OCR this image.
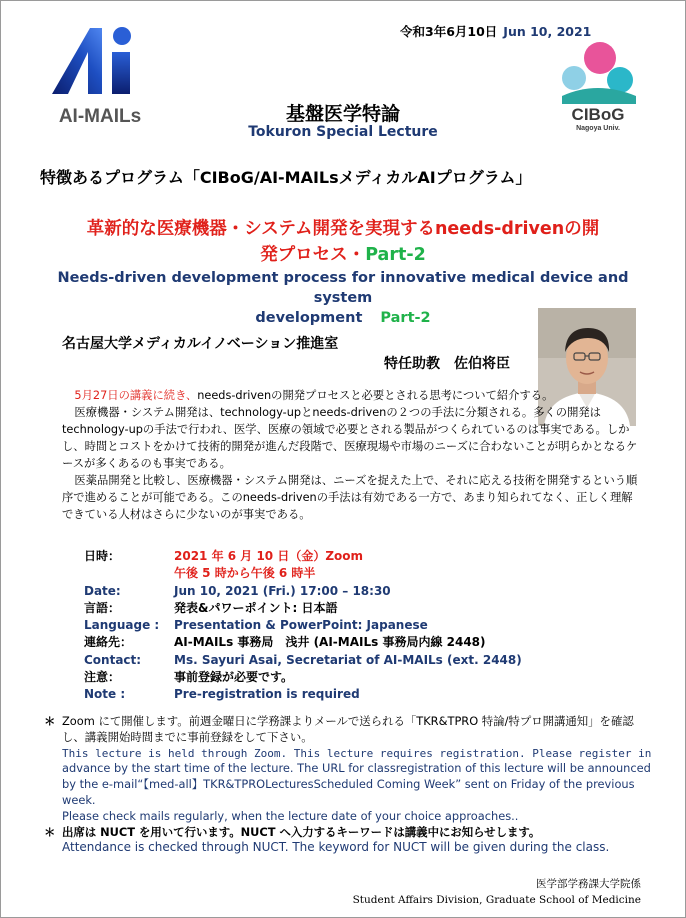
AI-MAILs	CIBoG
Nagoya Univ.
令和3年6月10日 Jun 10, 2021
基盤医学特論
Tokuron Special Lecture
特徴あるプログラム「CIBoG/AI-MAILsメディカルAIプログラム」
革新的な医療機器・システム開発を実現するneeds-drivenの開
発プロセス・Part-2
Needs-driven development process for innovative medical device and system
development Part-2
名古屋大学メディカルイノベーション推進室
特任助教　佐伯将臣

5月27日の講義に続き、needs-drivenの開発プロセスと必要とされる思考について紹介する。

医療機器・システム開発は、technology-upとneeds-drivenの２つの手法に分類される。多くの開発はtechnology-upの手法で行われ、医学、医療の領域で必要とされる製品がつくられているのは事実である。しかし、時間とコストをかけて技術的開発が進んだ段階で、医療現場や市場のニーズに合わないことが明らかとなるケースが多くあるのも事実である。

医薬品開発と比較し、医療機器・システム開発は、ニーズを捉えた上で、それに応える技術を開発するという順序で進めることが可能である。このneeds-drivenの手法は有効である一方で、あまり知られてなく、正しく理解できている人材はさらに少ないのが事実である。

日時：	2021 年 6 月 10 日（金）Zoom
午後 5 時から午後 6 時半
Date:	Jun 10, 2021 (Fri.) 17:00 – 18:30
言語：	発表&パワーポイント: 日本語
Language :	Presentation & PowerPoint: Japanese
連絡先：	AI-MAILs 事務局　浅井 (AI-MAILs 事務局内線 2448)
Contact:	Ms. Sayuri Asai, Secretariat of AI-MAILs (ext. 2448)
注意：	事前登録が必要です。
Note :	Pre-registration is required
＊ Zoom にて開催します。前週金曜日に学務課よりメールで送られる「TKR&TPRO 特論/特プロ開講通知」を確認し、講義開始時間までに事前登録をして下さい。
This lecture is held through Zoom. This lecture requires registration. Please register in
advance by the start time of the lecture. The URL for classregistration of this lecture will be announced by the e-mail“【med-all】TKR&TPROLecturesScheduled Coming Week” sent on Friday of the previous week.
Please check mails regularly, when the lecture date of your choice approaches..
＊ 出席は NUCT を用いて行います。NUCT へ入力するキーワードは講義中にお知らせします。
Attendance is checked through NUCT. The keyword for NUCT will be given during the class.
医学部学務課大学院係
Student Affairs Division, Graduate School of Medicine
